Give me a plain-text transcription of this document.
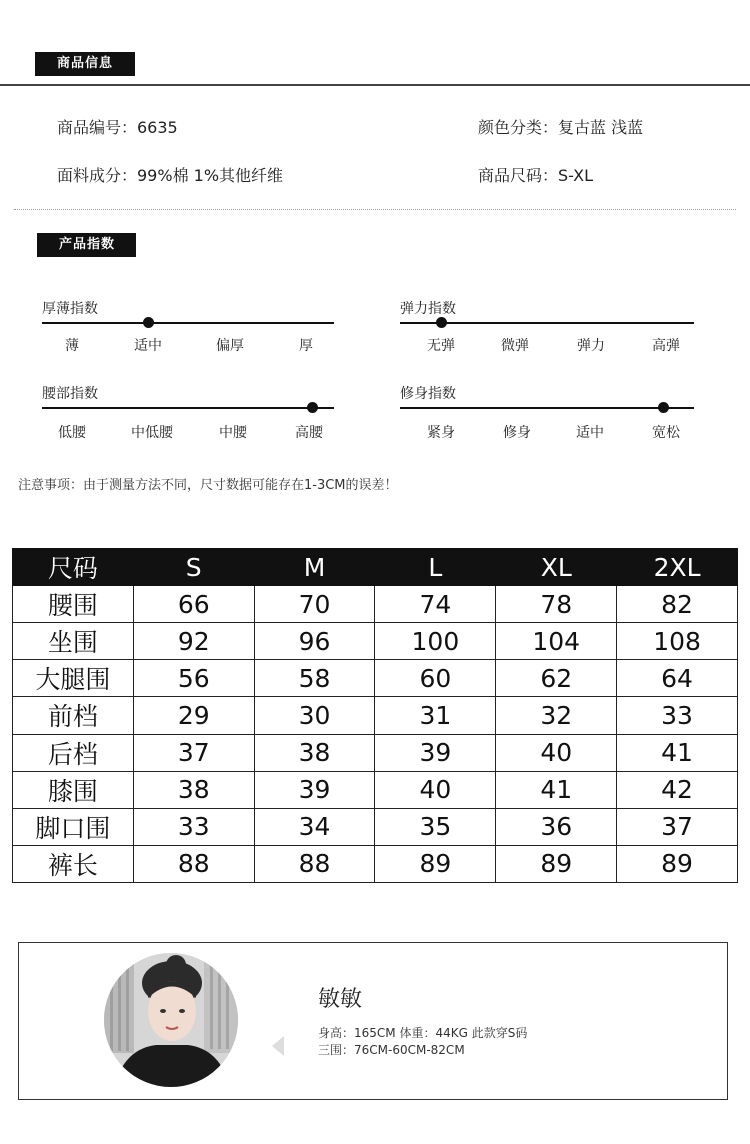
商品信息
商品编号：6635	颜色分类：复古蓝 浅蓝
面料成分：99%棉 1%其他纤维	商品尺码：S-XL
产品指数
厚薄指数
薄	适中	偏厚	厚
弹力指数
无弹	微弹	弹力	高弹
腰部指数
低腰	中低腰	中腰	高腰
修身指数
紧身	修身	适中	宽松
注意事项：由于测量方法不同，尺寸数据可能存在1-3CM的误差！
尺码	S	M	L	XL	2XL
腰围	66	70	74	78	82
坐围	92	96	100	104	108
大腿围	56	58	60	62	64
前档	29	30	31	32	33
后档	37	38	39	40	41
膝围	38	39	40	41	42
脚口围	33	34	35	36	37
裤长	88	88	89	89	89
敏敏
身高：165CM 体重：44KG 此款穿S码
三围：76CM-60CM-82CM
